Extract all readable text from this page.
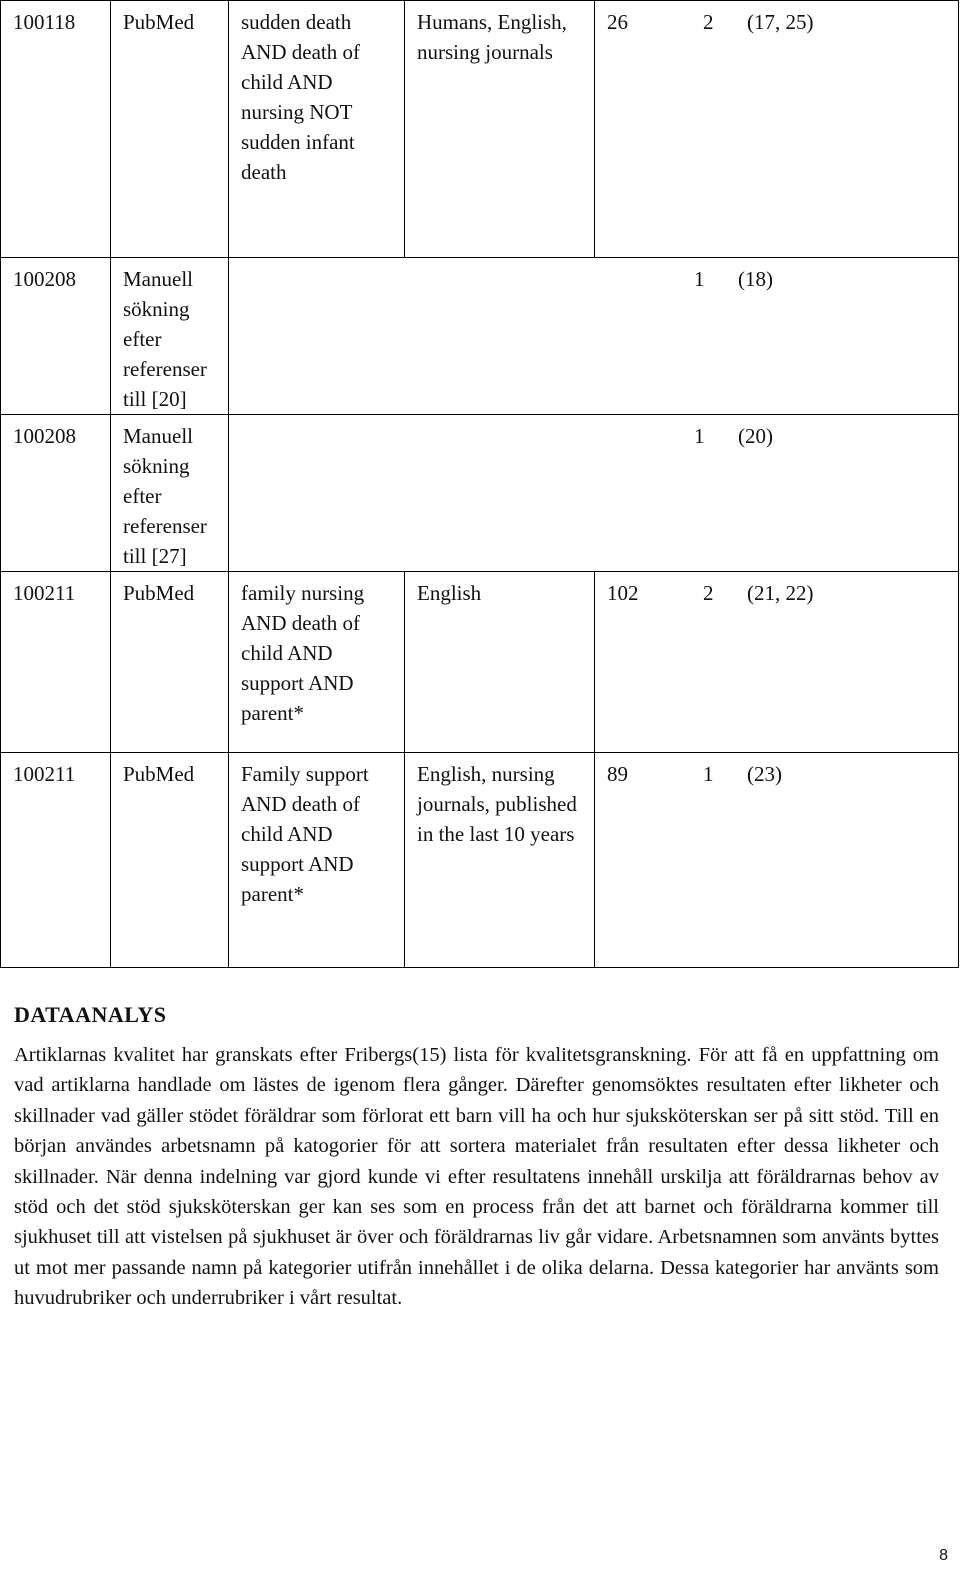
100118	PubMed	sudden death AND death of child AND nursing NOT sudden infant death	Humans, English, nursing journals	26 2 (17, 25)

100208	Manuell sökning efter referenser till [20]	1 (18)		

100208	Manuell sökning efter referenser till [27]	1 (20)		

100211	PubMed	family nursing AND death of child AND support AND parent*	English	102 2 (21, 22)

100211	PubMed	Family support AND death of child AND support AND parent*	English, nursing journals, published in the last 10 years	89 1 (23)
DATAANALYS

Artiklarnas kvalitet har granskats efter Fribergs(15) lista för kvalitetsgranskning. För att få en uppfattning om vad artiklarna handlade om lästes de igenom flera gånger. Därefter genomsöktes resultaten efter likheter och skillnader vad gäller stödet föräldrar som förlorat ett barn vill ha och hur sjuksköterskan ser på sitt stöd. Till en början användes arbetsnamn på katogorier för att sortera materialet från resultaten efter dessa likheter och skillnader. När denna indelning var gjord kunde vi efter resultatens innehåll urskilja att föräldrarnas behov av stöd och det stöd sjuksköterskan ger kan ses som en process från det att barnet och föräldrarna kommer till sjukhuset till att vistelsen på sjukhuset är över och föräldrarnas liv går vidare. Arbetsnamnen som använts byttes ut mot mer passande namn på kategorier utifrån innehållet i de olika delarna. Dessa kategorier har använts som huvudrubriker och underrubriker i vårt resultat.

8
